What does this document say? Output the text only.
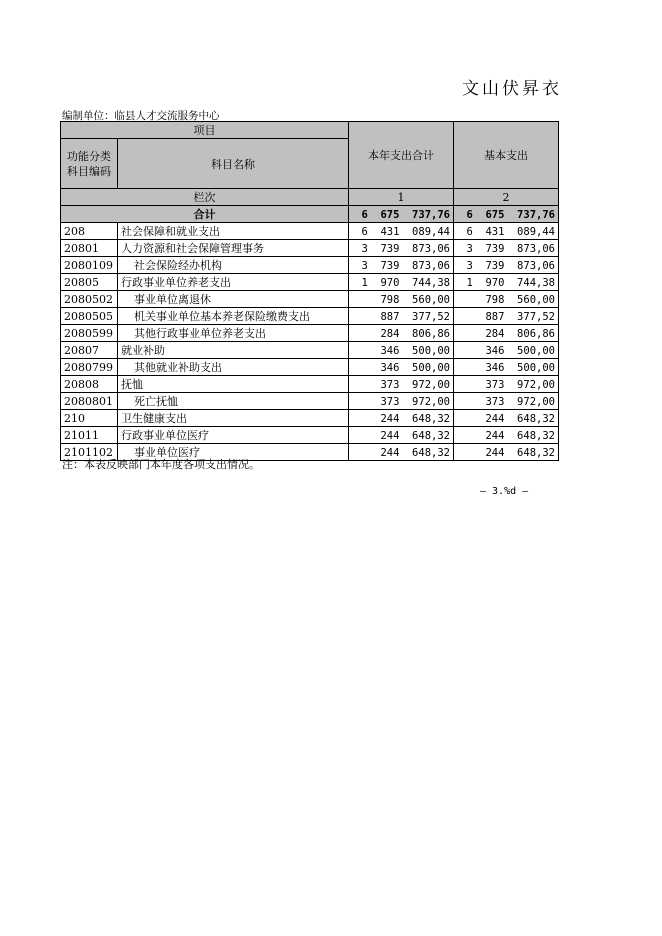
文山伏昇衣
编制单位：临县人才交流服务中心
项目		本年支出合计	基本支出
功能分类
科目编码	科目名称		
栏次		1	2
合计		6  675  737,76	6  675  737,76
208	社会保障和就业支出	6  431  089,44	6  431  089,44
20801	人力资源和社会保障管理事务	3  739  873,06	3  739  873,06
2080109	社会保险经办机构	3  739  873,06	3  739  873,06
20805	行政事业单位养老支出	1  970  744,38	1  970  744,38
2080502	事业单位离退休	798  560,00	798  560,00
2080505	机关事业单位基本养老保险缴费支出	887  377,52	887  377,52
2080599	其他行政事业单位养老支出	284  806,86	284  806,86
20807	就业补助	346  500,00	346  500,00
2080799	其他就业补助支出	346  500,00	346  500,00
20808	抚恤	373  972,00	373  972,00
2080801	死亡抚恤	373  972,00	373  972,00
210	卫生健康支出	244  648,32	244  648,32
21011	行政事业单位医疗	244  648,32	244  648,32
2101102	事业单位医疗	244  648,32	244  648,32
注：本表反映部门本年度各项支出情况。
— 3.%d —
